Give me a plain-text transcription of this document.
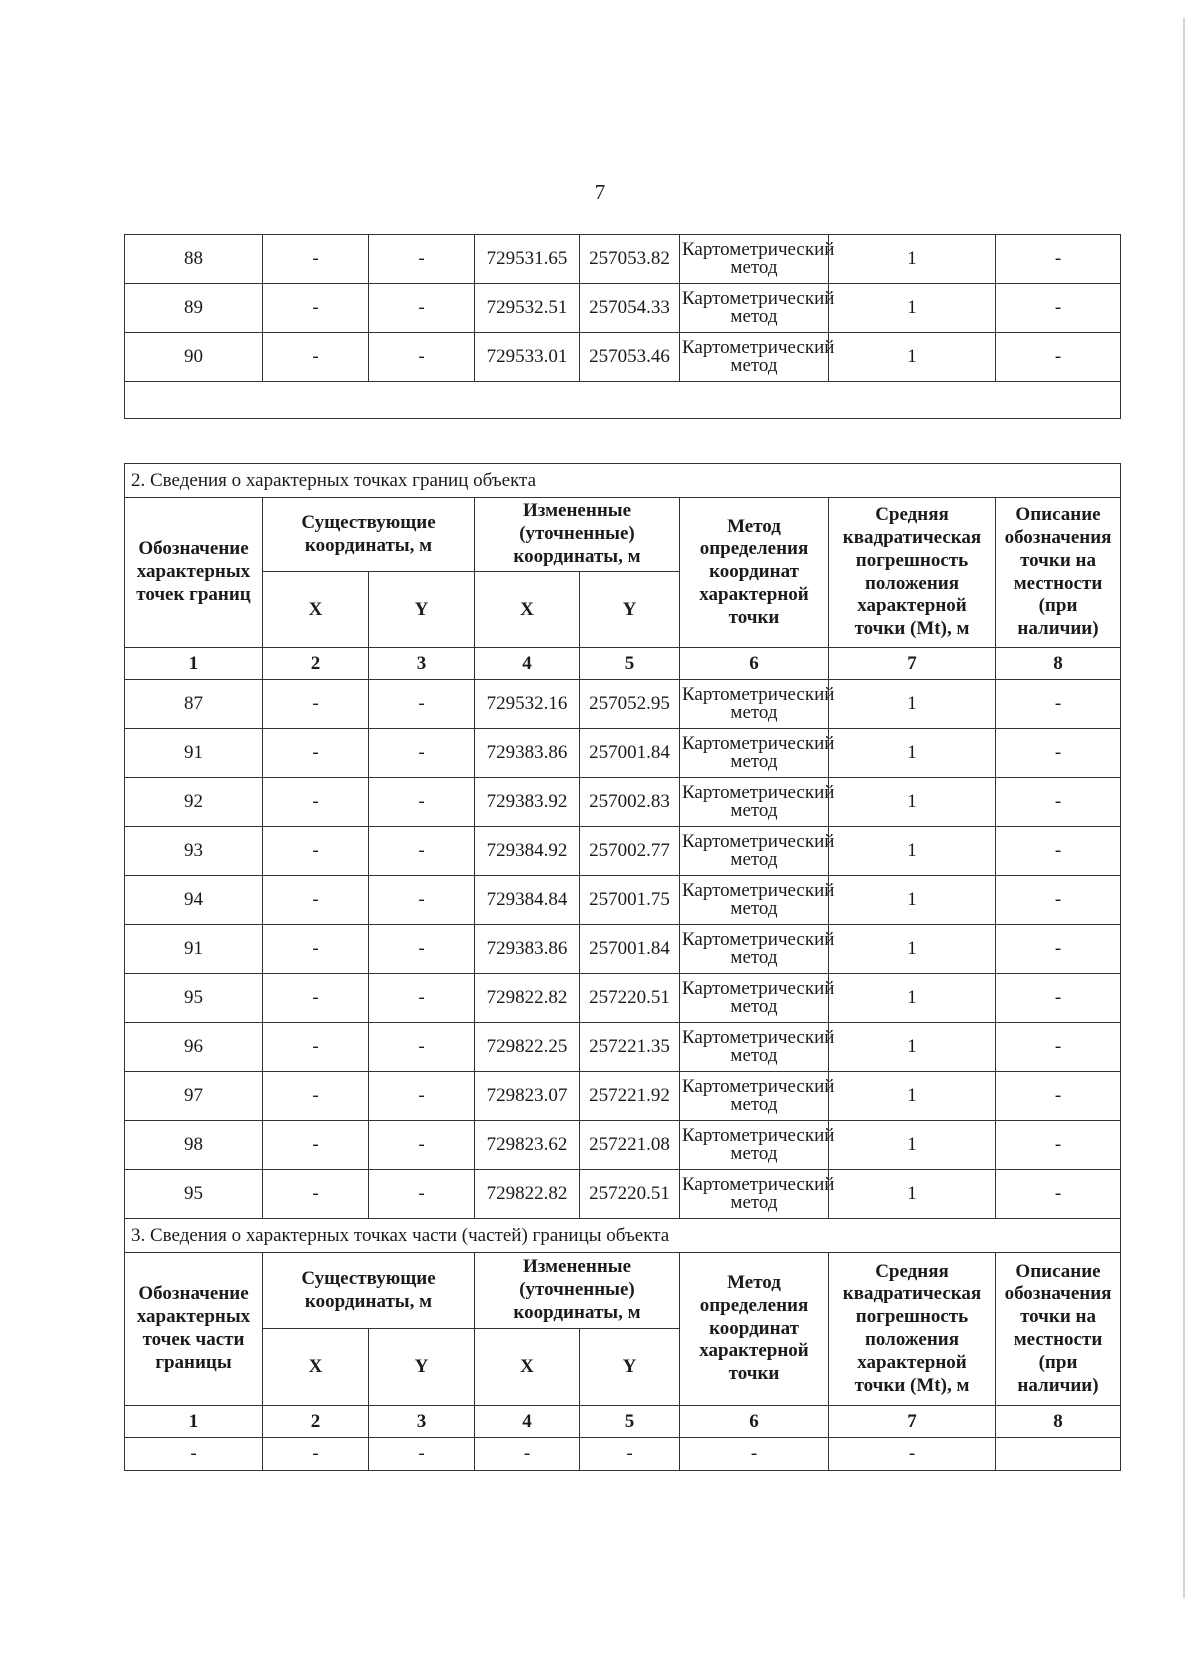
7
88	-	-	729531.65	257053.82	Картометрический метод	1	-
89	-	-	729532.51	257054.33	Картометрический метод	1	-
90	-	-	729533.01	257053.46	Картометрический метод	1	-

2. Сведения о характерных точках границ объекта							
Обозначение характерных точек границ	Существующие координаты, м		Измененные (уточненные) координаты, м		Метод определения координат характерной точки	Средняя квадратическая погрешность положения характерной точки (Mt), м	Описание обозначения точки на местности (при наличии)
	X	Y	X	Y			
1	2	3	4	5	6	7	8
87	-	-	729532.16	257052.95	Картометрический метод	1	-
91	-	-	729383.86	257001.84	Картометрический метод	1	-
92	-	-	729383.92	257002.83	Картометрический метод	1	-
93	-	-	729384.92	257002.77	Картометрический метод	1	-
94	-	-	729384.84	257001.75	Картометрический метод	1	-
91	-	-	729383.86	257001.84	Картометрический метод	1	-
95	-	-	729822.82	257220.51	Картометрический метод	1	-
96	-	-	729822.25	257221.35	Картометрический метод	1	-
97	-	-	729823.07	257221.92	Картометрический метод	1	-
98	-	-	729823.62	257221.08	Картометрический метод	1	-
95	-	-	729822.82	257220.51	Картометрический метод	1	-
3. Сведения о характерных точках части (частей) границы объекта							
Обозначение характерных точек части границы	Существующие координаты, м		Измененные (уточненные) координаты, м		Метод определения координат характерной точки	Средняя квадратическая погрешность положения характерной точки (Mt), м	Описание обозначения точки на местности (при наличии)
	X	Y	X	Y			
1	2	3	4	5	6	7	8
-	-	-	-	-	-	-	
